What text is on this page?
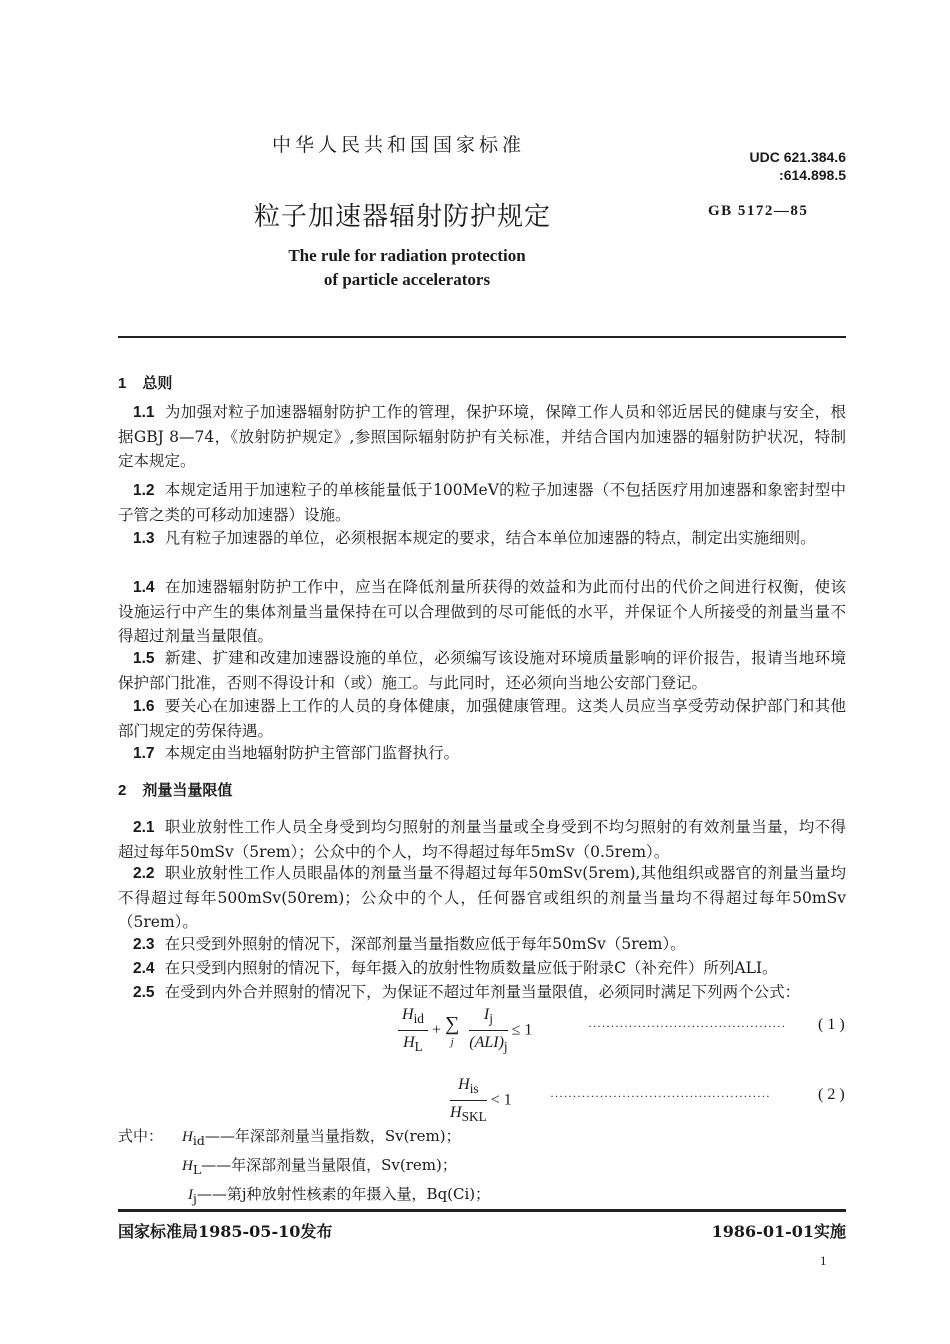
中华人民共和国国家标准
UDC 621.384.6
:614.898.5
粒子加速器辐射防护规定	GB 5172—85
The rule for radiation protection
of particle accelerators
1 总则
1.1 为加强对粒子加速器辐射防护工作的管理，保护环境，保障工作人员和邻近居民的健康与安全，根据GBJ 8—74，《放射防护规定》,参照国际辐射防护有关标准，并结合国内加速器的辐射防护状况，特制定本规定。
1.2 本规定适用于加速粒子的单核能量低于100MeV的粒子加速器（不包括医疗用加速器和象密封型中子管之类的可移动加速器）设施。
1.3 凡有粒子加速器的单位，必须根据本规定的要求，结合本单位加速器的特点，制定出实施细则。
1.4 在加速器辐射防护工作中，应当在降低剂量所获得的效益和为此而付出的代价之间进行权衡，使该设施运行中产生的集体剂量当量保持在可以合理做到的尽可能低的水平，并保证个人所接受的剂量当量不得超过剂量当量限值。
1.5 新建、扩建和改建加速器设施的单位，必须编写该设施对环境质量影响的评价报告，报请当地环境保护部门批准，否则不得设计和（或）施工。与此同时，还必须向当地公安部门登记。
1.6 要关心在加速器上工作的人员的身体健康，加强健康管理。这类人员应当享受劳动保护部门和其他部门规定的劳保待遇。
1.7 本规定由当地辐射防护主管部门监督执行。
2 剂量当量限值
2.1 职业放射性工作人员全身受到均匀照射的剂量当量或全身受到不均匀照射的有效剂量当量，均不得超过每年50mSv（5rem）；公众中的个人，均不得超过每年5mSv（0.5rem）。
2.2 职业放射性工作人员眼晶体的剂量当量不得超过每年50mSv(5rem),其他组织或器官的剂量当量均不得超过每年500mSv(50rem)；公众中的个人，任何器官或组织的剂量当量均不得超过每年50mSv（5rem）。
2.3 在只受到外照射的情况下，深部剂量当量指数应低于每年50mSv（5rem）。
2.4 在只受到内照射的情况下，每年摄入的放射性物质数量应低于附录C（补充件）所列ALI。
2.5 在受到内外合并照射的情况下，为保证不超过年剂量当量限值，必须同时满足下列两个公式：
$\frac{H_{id}}{H_L}$ + ∑
j
$\frac{I_j}{(ALI)_j} \le 1$	············································ ( 1 )
$\frac{H_{is}}{H_{SKL}} < 1$	·················································	( 2 )
式中： $H_{id}——$年深部剂量当量指数，Sv(rem)；
$H_L——$年深部剂量当量限值，Sv(rem)；
$I_j——$第j种放射性核素的年摄入量，Bq(Ci)；
国家标准局1985-05-10发布	1986-01-01实施
1
